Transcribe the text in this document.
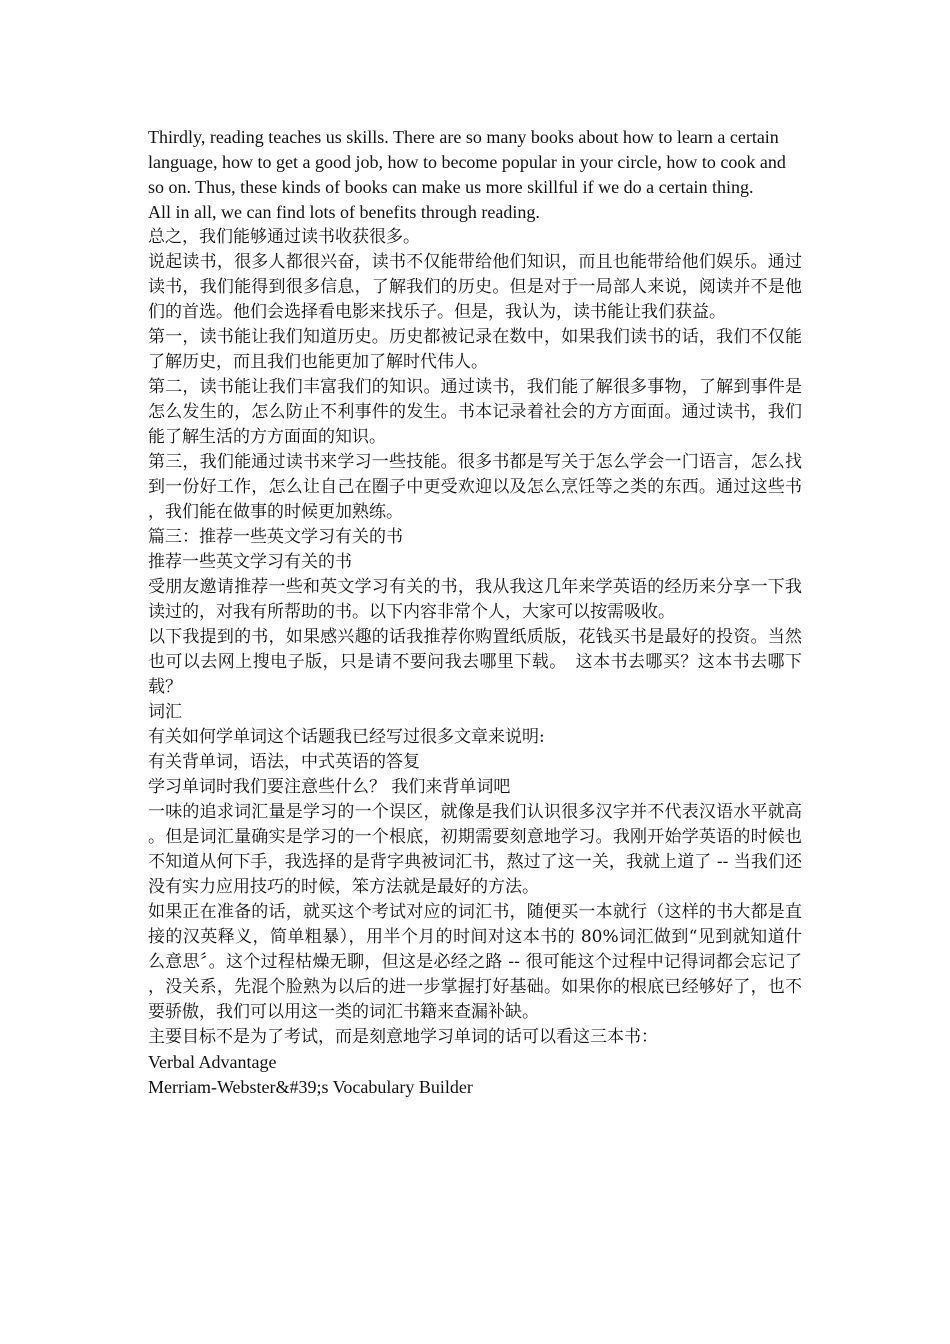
Thirdly, reading teaches us skills. There are so many books about how to learn a certain language, how to get a good job, how to become popular in your circle, how to cook and so on. Thus, these kinds of books can make us more skillful if we do a certain thing.

All in all, we can find lots of benefits through reading.

总之，我们能够通过读书收获很多。

说起读书，很多人都很兴奋，读书不仅能带给他们知识，而且也能带给他们娱乐。通过读书，我们能得到很多信息，了解我们的历史。但是对于一局部人来说，阅读并不是他们的首选。他们会选择看电影来找乐子。但是，我认为，读书能让我们获益。

第一，读书能让我们知道历史。历史都被记录在数中，如果我们读书的话，我们不仅能了解历史，而且我们也能更加了解时代伟人。

第二，读书能让我们丰富我们的知识。通过读书，我们能了解很多事物，了解到事件是怎么发生的，怎么防止不利事件的发生。书本记录着社会的方方面面。通过读书，我们能了解生活的方方面面的知识。

第三，我们能通过读书来学习一些技能。很多书都是写关于怎么学会一门语言，怎么找到一份好工作，怎么让自己在圈子中更受欢迎以及怎么烹饪等之类的东西。通过这些书，我们能在做事的时候更加熟练。

篇三：推荐一些英文学习有关的书

推荐一些英文学习有关的书

受朋友邀请推荐一些和英文学习有关的书，我从我这几年来学英语的经历来分享一下我读过的，对我有所帮助的书。以下内容非常个人，大家可以按需吸收。

以下我提到的书，如果感兴趣的话我推荐你购置纸质版，花钱买书是最好的投资。当然也可以去网上搜电子版，只是请不要问我去哪里下载。　这本书去哪买？这本书去哪下载？

词汇

有关如何学单词这个话题我已经写过很多文章来说明:

有关背单词，语法，中式英语的答复

学习单词时我们要注意些什么？ 我们来背单词吧

一味的追求词汇量是学习的一个误区，就像是我们认识很多汉字并不代表汉语水平就高。但是词汇量确实是学习的一个根底，初期需要刻意地学习。我刚开始学英语的时候也不知道从何下手，我选择的是背字典被词汇书，熬过了这一关，我就上道了 -- 当我们还没有实力应用技巧的时候，笨方法就是最好的方法。

如果正在准备的话，就买这个考试对应的词汇书，随便买一本就行（这样的书大都是直接的汉英释义，简单粗暴），用半个月的时间对这本书的 80%词汇做到“见到就知道什么意思〞。这个过程枯燥无聊，但这是必经之路 -- 很可能这个过程中记得词都会忘记了，没关系，先混个脸熟为以后的进一步掌握打好基础。如果你的根底已经够好了，也不要骄傲，我们可以用这一类的词汇书籍来查漏补缺。

主要目标不是为了考试，而是刻意地学习单词的话可以看这三本书：

Verbal Advantage

Merriam-Webster&#39;s Vocabulary Builder
